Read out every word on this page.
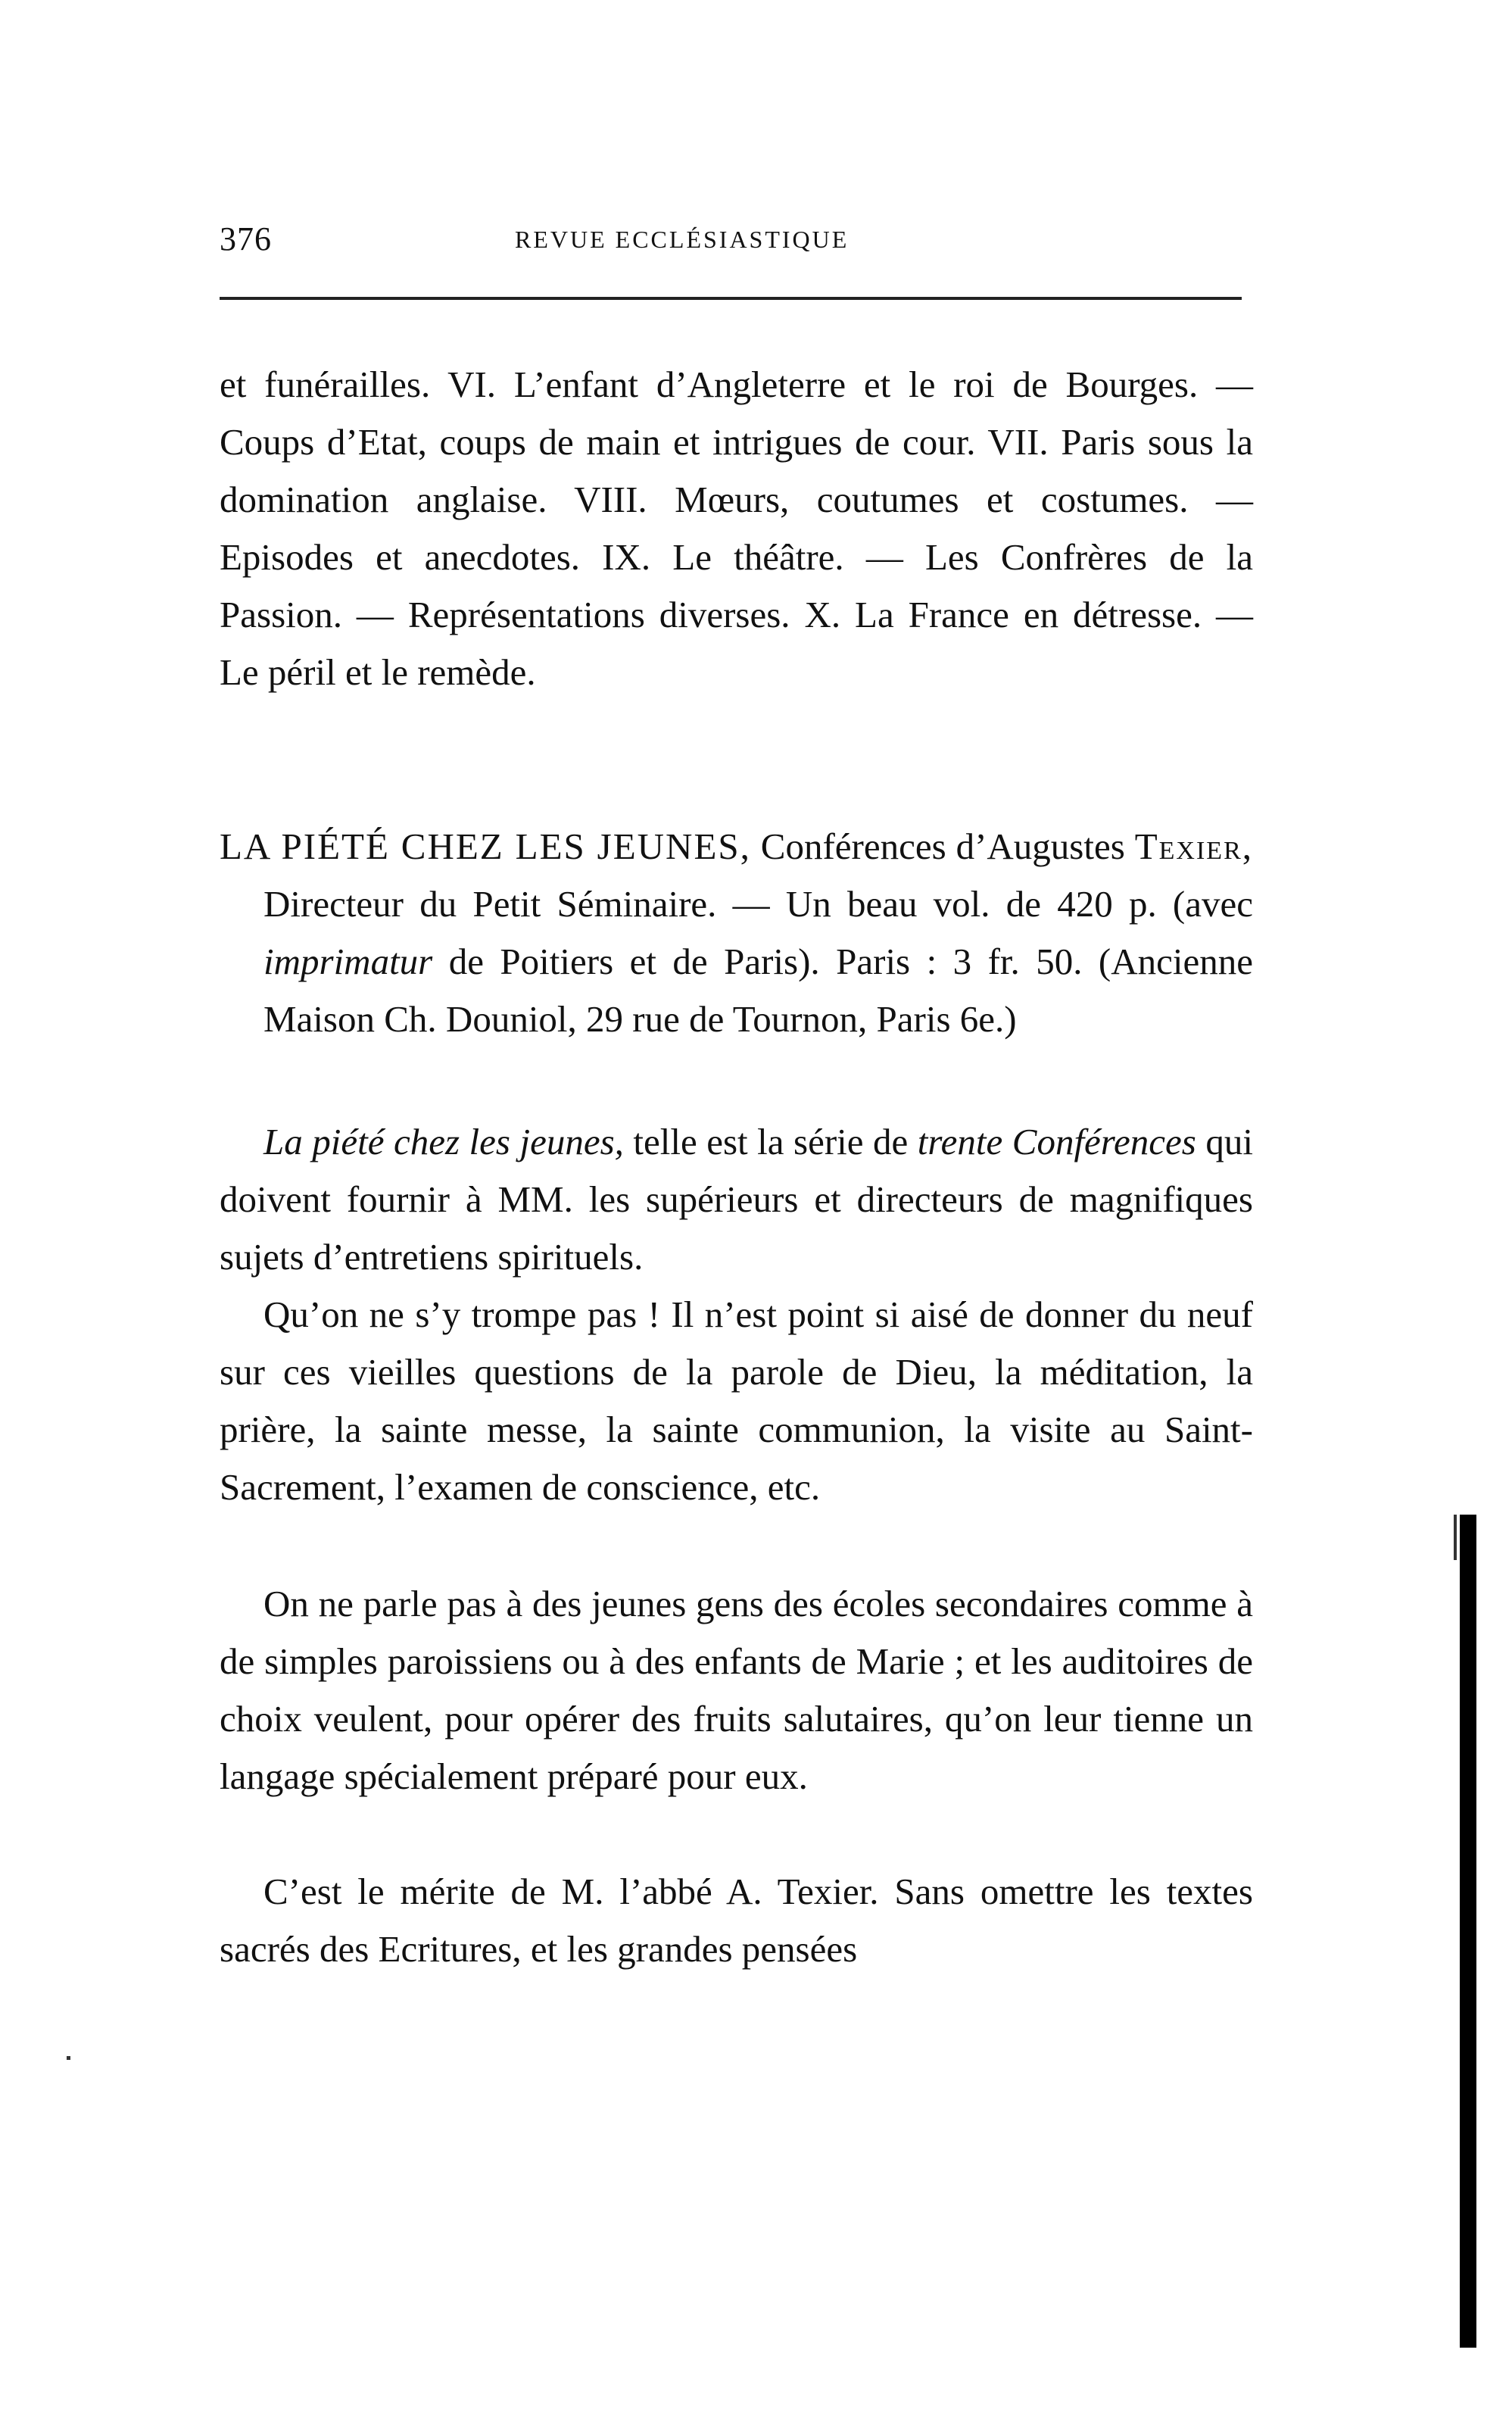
376	REVUE ECCLÉSIASTIQUE

et funérailles. VI. L’enfant d’Angleterre et le roi de Bourges. — Coups d’Etat, coups de main et intrigues de cour. VII. Paris sous la domination anglaise. VIII. Mœurs, coutumes et costumes. — Episodes et anecdotes. IX. Le théâtre. — Les Confrères de la Passion. — Représentations diverses. X. La France en détresse. — Le péril et le remède.

LA PIÉTÉ CHEZ LES JEUNES, Conférences d’Augustes Texier, Directeur du Petit Séminaire. — Un beau vol. de 420 p. (avec imprimatur de Poitiers et de Paris). Paris : 3 fr. 50. (Ancienne Maison Ch. Douniol, 29 rue de Tournon, Paris 6e.)

La piété chez les jeunes, telle est la série de trente Conférences qui doivent fournir à MM. les supérieurs et directeurs de magnifiques sujets d’entretiens spirituels.

Qu’on ne s’y trompe pas ! Il n’est point si aisé de donner du neuf sur ces vieilles questions de la parole de Dieu, la méditation, la prière, la sainte messe, la sainte communion, la visite au Saint-Sacrement, l’examen de conscience, etc.

On ne parle pas à des jeunes gens des écoles secondaires comme à de simples paroissiens ou à des enfants de Marie ; et les auditoires de choix veulent, pour opérer des fruits salutaires, qu’on leur tienne un langage spécialement préparé pour eux.

C’est le mérite de M. l’abbé A. Texier. Sans omettre les textes sacrés des Ecritures, et les grandes pensées
